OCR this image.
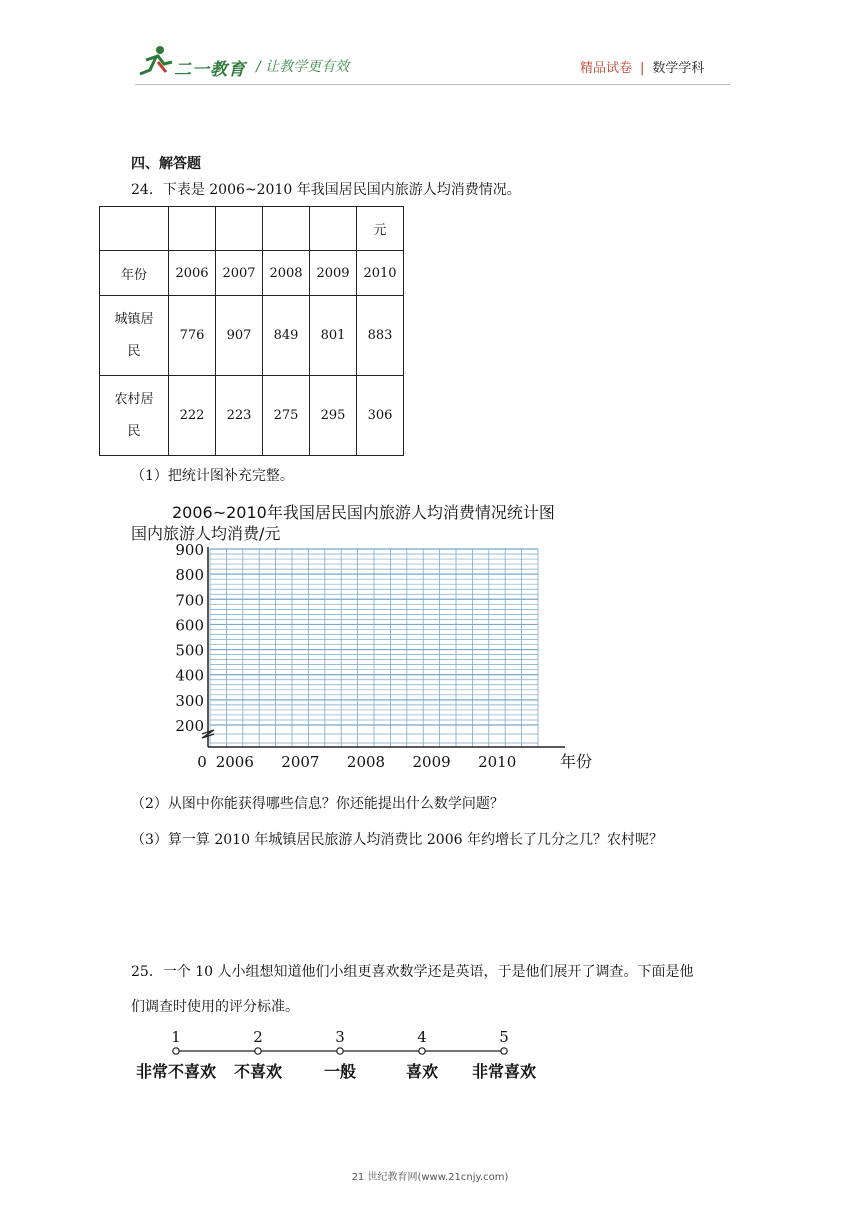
二一教育 / 让教学更有效	精品试卷 | 数学学科
四、解答题
24．下表是 2006~2010 年我国居民国内旅游人均消费情况。
					元
年份	2006	2007	2008	2009	2010

城镇居
民	776	907	849	801	883

农村居
民	222	223	275	295	306
（1）把统计图补充完整。
2006~2010年我国居民国内旅游人均消费情况统计图
国内旅游人均消费/元
900
800
700
600
500
400
300
200
0 2006 2007 2008 2009 2010	年份
（2）从图中你能获得哪些信息？你还能提出什么数学问题？
（3）算一算 2010 年城镇居民旅游人均消费比 2006 年约增长了几分之几？农村呢？
25．一个 10 人小组想知道他们小组更喜欢数学还是英语，于是他们展开了调查。下面是他
们调查时使用的评分标准。
1
非常不喜欢
2
不喜欢
3
一般
4
喜欢
5
非常喜欢
21 世纪教育网(www.21cnjy.com)
